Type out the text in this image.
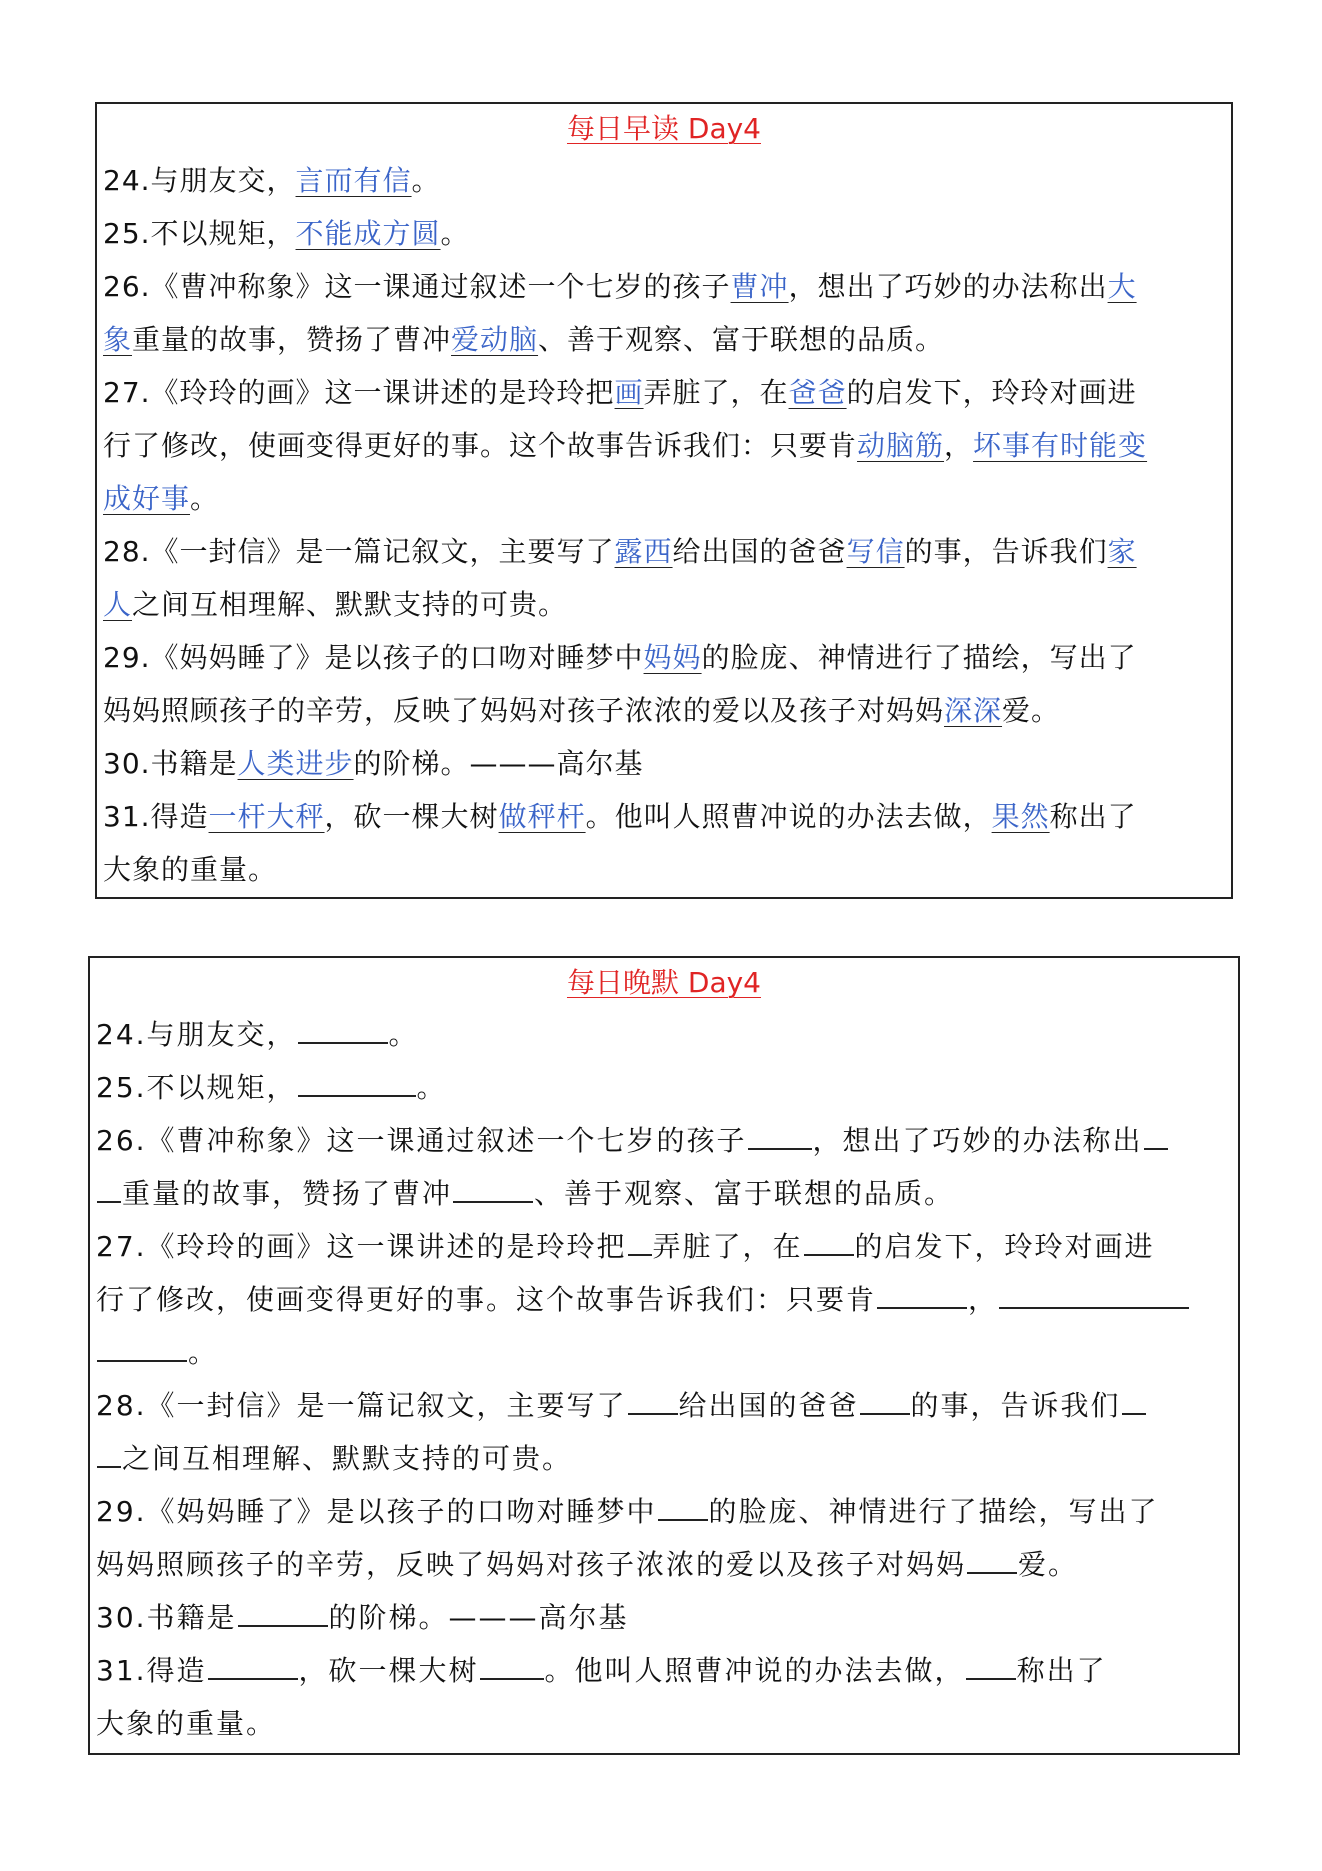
每日早读 Day4
24.与朋友交，言而有信。
25.不以规矩，不能成方圆。
26.《曹冲称象》这一课通过叙述一个七岁的孩子曹冲，想出了巧妙的办法称出大
象重量的故事，赞扬了曹冲爱动脑、善于观察、富于联想的品质。
27.《玲玲的画》这一课讲述的是玲玲把画弄脏了，在爸爸的启发下，玲玲对画进
行了修改，使画变得更好的事。这个故事告诉我们：只要肯动脑筋，坏事有时能变
成好事。
28.《一封信》是一篇记叙文，主要写了露西给出国的爸爸写信的事，告诉我们家
人之间互相理解、默默支持的可贵。
29.《妈妈睡了》是以孩子的口吻对睡梦中妈妈的脸庞、神情进行了描绘，写出了
妈妈照顾孩子的辛劳，反映了妈妈对孩子浓浓的爱以及孩子对妈妈深深爱。
30.书籍是人类进步的阶梯。———高尔基
31.得造一杆大秤，砍一棵大树做秤杆。他叫人照曹冲说的办法去做，果然称出了
大象的重量。
每日晚默 Day4
24.与朋友交，	。
25.不以规矩，	。
26.《曹冲称象》这一课通过叙述一个七岁的孩子 ，想出了巧妙的办法称出
重量的故事，赞扬了曹冲	、善于观察、富于联想的品质。
27.《玲玲的画》这一课讲述的是玲玲把 弄脏了，在 的启发下，玲玲对画进
行了修改，使画变得更好的事。这个故事告诉我们：只要肯	，
。
28.《一封信》是一篇记叙文，主要写了 给出国的爸爸 的事，告诉我们
之间互相理解、默默支持的可贵。
29.《妈妈睡了》是以孩子的口吻对睡梦中 的脸庞、神情进行了描绘，写出了
妈妈照顾孩子的辛劳，反映了妈妈对孩子浓浓的爱以及孩子对妈妈 爱。
30.书籍是	的阶梯。———高尔基
31.得造	，砍一棵大树 。他叫人照曹冲说的办法去做， 称出了
大象的重量。
